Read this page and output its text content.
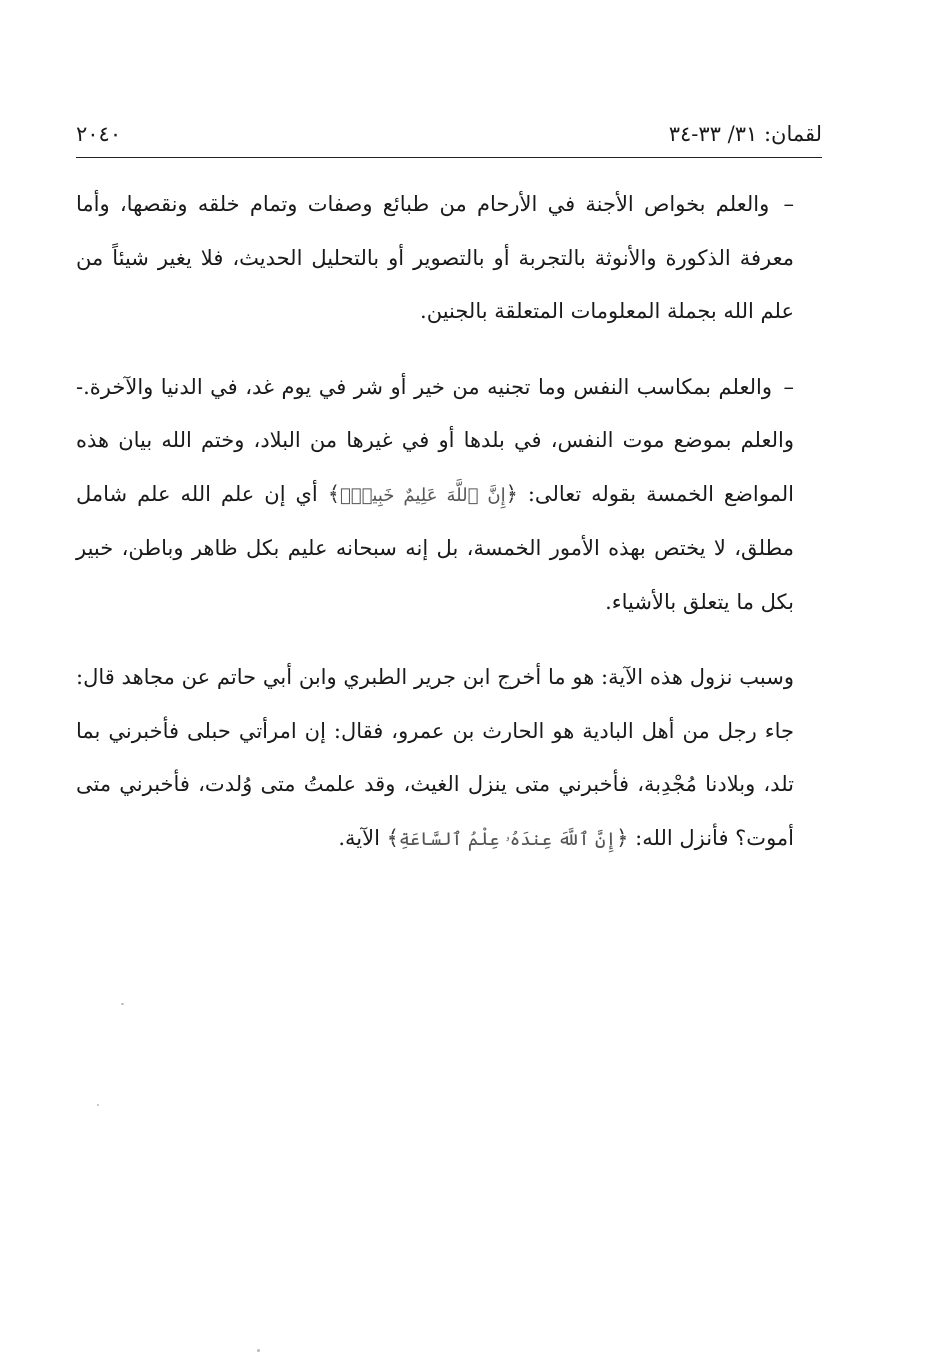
لقمان: ٣١/ ٣٣-٣٤
٢٠٤٠

– والعلم بخواص الأجنة في الأرحام من طبائع وصفات وتمام خلقه ونقصها، وأما معرفة الذكورة والأنوثة بالتجربة أو بالتصوير أو بالتحليل الحديث، فلا يغير شيئاً من علم الله بجملة المعلومات المتعلقة بالجنين.

– والعلم بمكاسب النفس وما تجنيه من خير أو شر في يوم غد، في الدنيا والآخرة.-والعلم بموضع موت النفس، في بلدها أو في غيرها من البلاد، وختم الله بيان هذه المواضع الخمسة بقوله تعالى: ﴿إِنَّ ٱللَّهَ عَلِيمٌ خَبِيرٌۢ﴾ أي إن علم الله علم شامل مطلق، لا يختص بهذه الأمور الخمسة، بل إنه سبحانه عليم بكل ظاهر وباطن، خبير بكل ما يتعلق بالأشياء.

وسبب نزول هذه الآية: هو ما أخرج ابن جرير الطبري وابن أبي حاتم عن مجاهد قال: جاء رجل من أهل البادية هو الحارث بن عمرو، فقال: إن امرأتي حبلى فأخبرني بما تلد، وبلادنا مُجْدِبة، فأخبرني متى ينزل الغيث، وقد علمتُ متى وُلدت، فأخبرني متى أموت؟ فأنزل الله: ﴿إِنَّ ٱللَّهَ عِندَهُۥ عِلْمُ ٱلسَّاعَةِ﴾ الآية.
